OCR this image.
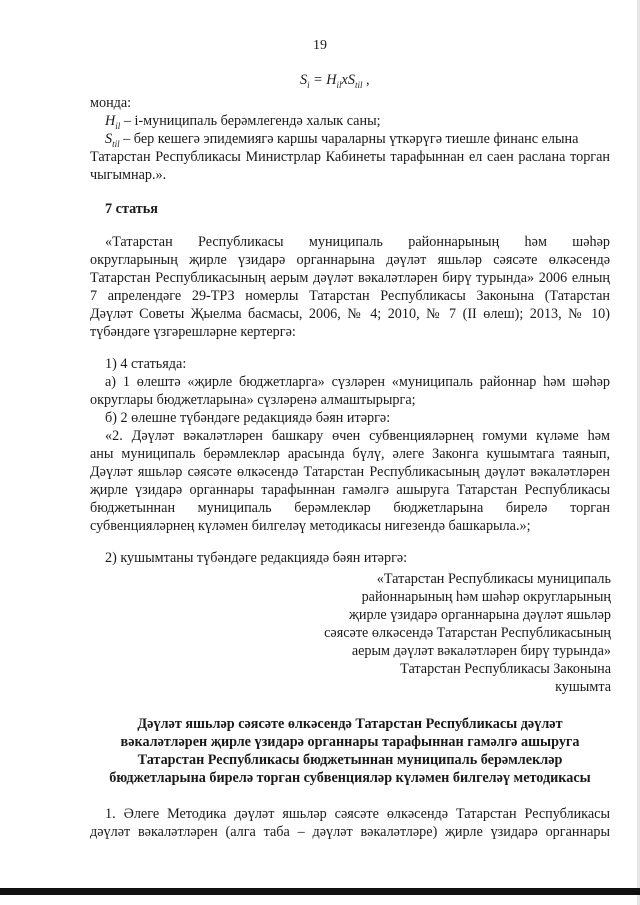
19
$S_i = H_{il}xS_{til}$ ,
монда:
$H_{il}$ – i-муниципаль берәмлегендә халык саны;
$S_{til}$ – бер кешегә эпидемиягә каршы чараларны үткәрүгә тиешле финанс елына
Татарстан Республикасы Министрлар Кабинеты тарафыннан ел саен раслана торган
чыгымнар.».
7 статья
«Татарстан Республикасы муниципаль районнарының һәм шәһәр
округларының җирле үзидарә органнарына дәүләт яшьләр сәясәте өлкәсендә
Татарстан Республикасының аерым дәүләт вәкаләтләрен бирү турында» 2006 елның
7 апрелендәге 29-ТРЗ номерлы Татарстан Республикасы Законына (Татарстан
Дәүләт Советы Җыелма басмасы, 2006, № 4; 2010, № 7 (II өлеш); 2013, № 10)
түбәндәге үзгәрешләрне кертергә:
1) 4 статьяда:
а) 1 өлештә «җирле бюджетларга» сүзләрен «муниципаль районнар һәм шәһәр
округлары бюджетларына» сүзләренә алмаштырырга;
б) 2 өлешне түбәндәге редакциядә бәян итәргә:
«2. Дәүләт вәкаләтләрен башкару өчен субвенцияләрнең гомуми күләме һәм
аны муниципаль берәмлекләр арасында бүлү, әлеге Законга кушымтага таянып,
Дәүләт яшьләр сәясәте өлкәсендә Татарстан Республикасының дәүләт вәкаләтләрен
җирле үзидарә органнары тарафыннан гамәлгә ашыруга Татарстан Республикасы
бюджетыннан муниципаль берәмлекләр бюджетларына бирелә торган
субвенцияләрнең күләмен билгеләү методикасы нигезендә башкарыла.»;
2) кушымтаны түбәндәге редакциядә бәян итәргә:
«Татарстан Республикасы муниципаль
районнарының һәм шәһәр округларының
җирле үзидарә органнарына дәүләт яшьләр
сәясәте өлкәсендә Татарстан Республикасының
аерым дәүләт вәкаләтләрен бирү турында»
Татарстан Республикасы Законына
кушымта
Дәүләт яшьләр сәясәте өлкәсендә Татарстан Республикасы дәүләт
вәкаләтләрен җирле үзидарә органнары тарафыннан гамәлгә ашыруга
Татарстан Республикасы бюджетыннан муниципаль берәмлекләр
бюджетларына бирелә торган субвенцияләр күләмен билгеләү методикасы
1. Әлеге Методика дәүләт яшьләр сәясәте өлкәсендә Татарстан Республикасы
дәүләт вәкаләтләрен (алга таба – дәүләт вәкаләтләре) җирле үзидарә органнары
